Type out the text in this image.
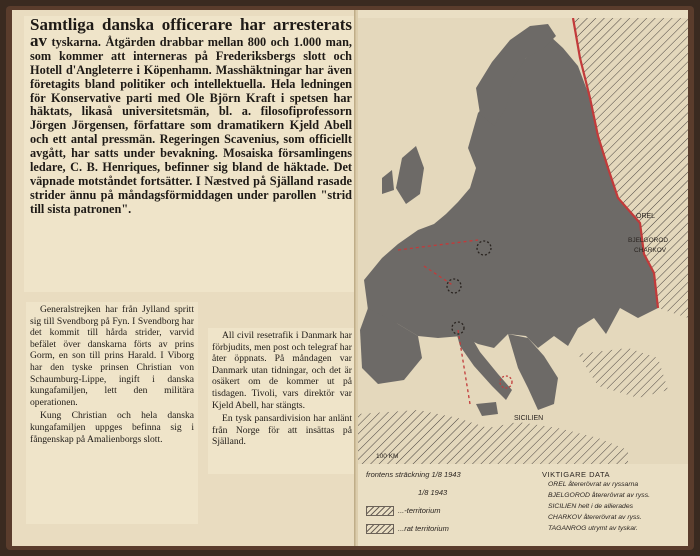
Samtliga danska officerare har arresterats av tyskarna. Åtgärden drabbar mellan 800 och 1.000 man, som kommer att interneras på Frederiksbergs slott och Hotell d'Angleterre i Köpenhamn. Masshäktningar har även företagits bland politiker och intellektuella. Hela ledningen för Konservative parti med Ole Björn Kraft i spetsen har häktats, likaså universitetsmän, bl. a. filosofiprofessorn Jörgen Jörgensen, författare som dramatikern Kjeld Abell och ett antal pressmän. Regeringen Scavenius, som officiellt avgått, har satts under bevakning. Mosaiska församlingens ledare, C. B. Henriques, befinner sig bland de häktade. Det väpnade motståndet fortsätter. I Næstved på Själland rasade strider ännu på måndagsförmiddagen under parollen "strid till sista patronen".

Generalstrejken har från Jylland spritt sig till Svendborg på Fyn. I Svendborg har det kommit till hårda strider, varvid befälet över danskarna förts av prins Gorm, en son till prins Harald. I Viborg har den tyske prinsen Christian von Schaumburg-Lippe, ingift i danska kungafamiljen, lett den militära operationen.

Kung Christian och hela danska kungafamiljen uppges befinna sig i fångenskap på Amalienborgs slott.

All civil resetrafik i Danmark har förbjudits, men post och telegraf har åter öppnats. På måndagen var Danmark utan tidningar, och det är osäkert om de kommer ut på tisdagen. Tivoli, vars direktör var Kjeld Abell, har stängts.

En tysk pansardivision har anlänt från Norge för att insättas på Själland.

OREL
BJELGOROD
CHARKOV
SICILIEN
100 KM
frontens sträckning 1/8 1943
1/8 1943
...-territorium
...rat territorium
VIKTIGARE DATA
OREL återerövrat av ryssarna
BJELGOROD återerövrat av ryss.
SICILIEN helt i de allierades
CHARKOV återerövrat av ryss.
TAGANROG utrymt av tyskar.
